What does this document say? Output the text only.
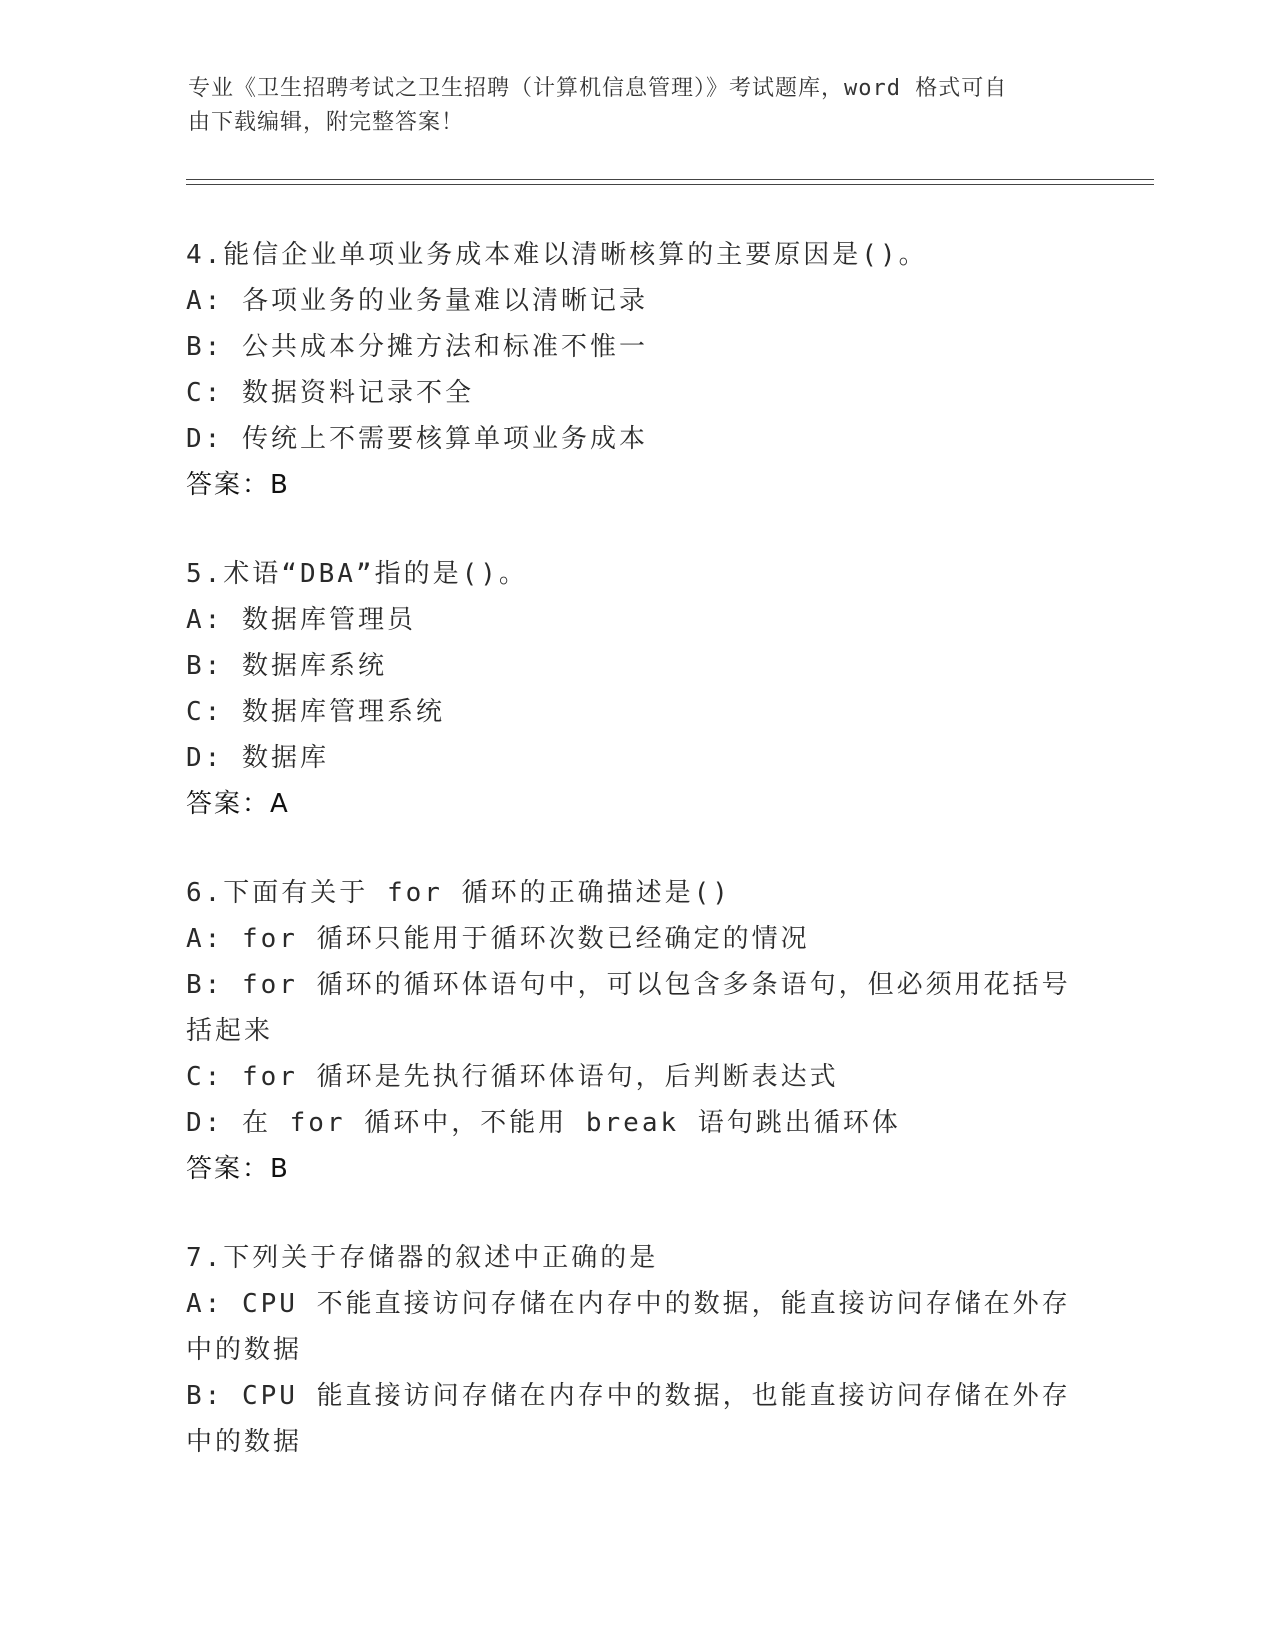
专业《卫生招聘考试之卫生招聘（计算机信息管理）》考试题库，word 格式可自
由下载编辑，附完整答案！
4.能信企业单项业务成本难以清晰核算的主要原因是()。
A: 各项业务的业务量难以清晰记录
B: 公共成本分摊方法和标准不惟一
C: 数据资料记录不全
D: 传统上不需要核算单项业务成本
答案：B
5.术语“DBA”指的是()。
A: 数据库管理员
B: 数据库系统
C: 数据库管理系统
D: 数据库
答案：A
6.下面有关于 for 循环的正确描述是()
A: for 循环只能用于循环次数已经确定的情况
B: for 循环的循环体语句中，可以包含多条语句，但必须用花括号括起来
C: for 循环是先执行循环体语句，后判断表达式
D: 在 for 循环中，不能用 break 语句跳出循环体
答案：B
7.下列关于存储器的叙述中正确的是
A: CPU 不能直接访问存储在内存中的数据，能直接访问存储在外存中的数据
B: CPU 能直接访问存储在内存中的数据，也能直接访问存储在外存中的数据
